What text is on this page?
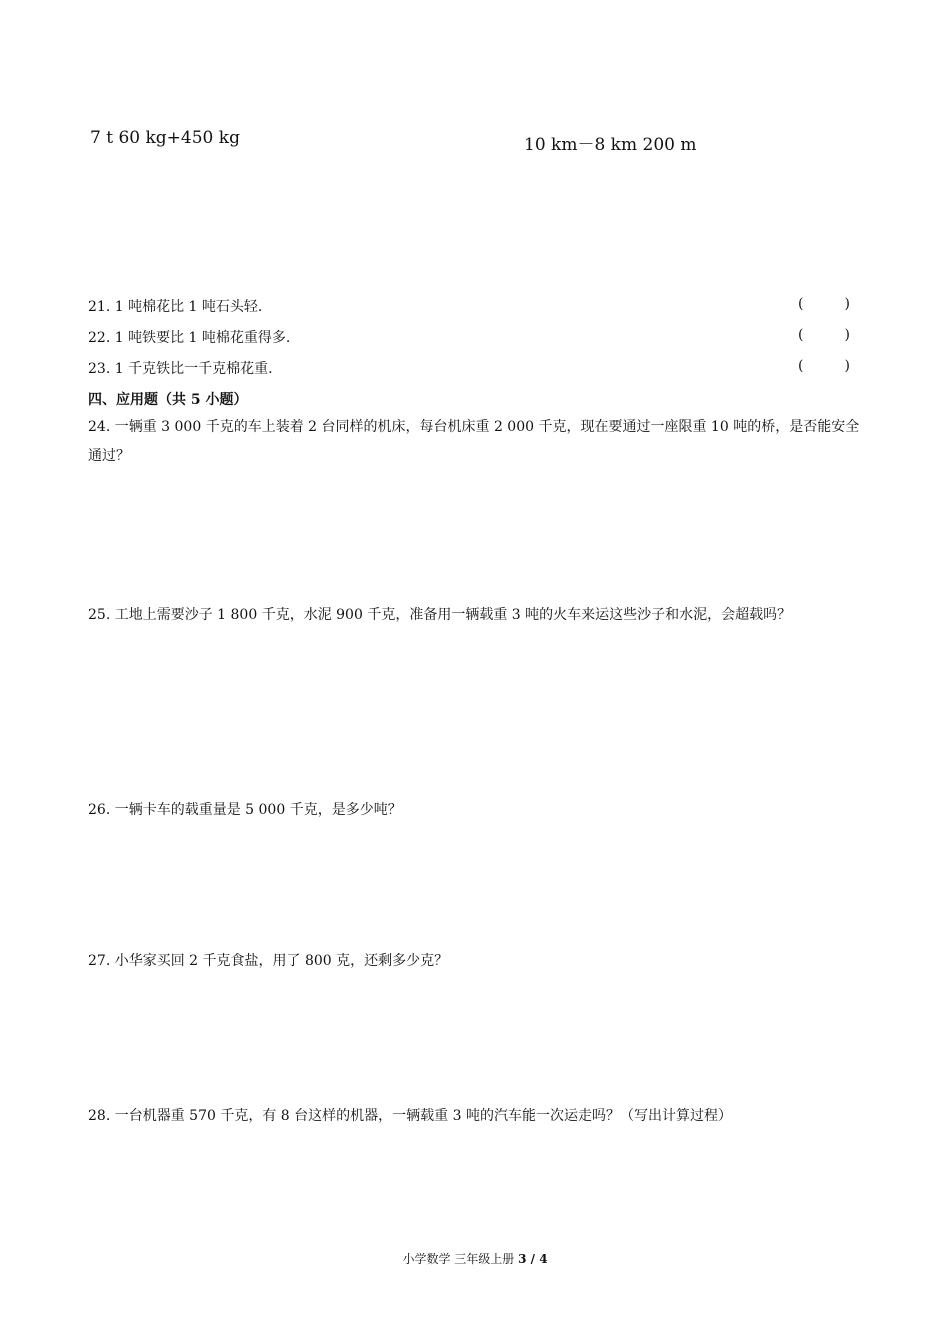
7 t 60 kg+450 kg	10 km－8 km 200 m
21. 1 吨棉花比 1 吨石头轻.	(	)
22. 1 吨铁要比 1 吨棉花重得多.	(	)
23. 1 千克铁比一千克棉花重.	(	)
四、应用题（共 5 小题）
24. 一辆重 3 000 千克的车上装着 2 台同样的机床，每台机床重 2 000 千克，现在要通过一座限重 10 吨的桥，是否能安全通过？
25. 工地上需要沙子 1 800 千克，水泥 900 千克，准备用一辆载重 3 吨的火车来运这些沙子和水泥，会超载吗？
26. 一辆卡车的载重量是 5 000 千克，是多少吨？
27. 小华家买回 2 千克食盐，用了 800 克，还剩多少克？
28. 一台机器重 570 千克，有 8 台这样的机器，一辆载重 3 吨的汽车能一次运走吗？（写出计算过程）
小学数学 三年级上册 3 / 4
